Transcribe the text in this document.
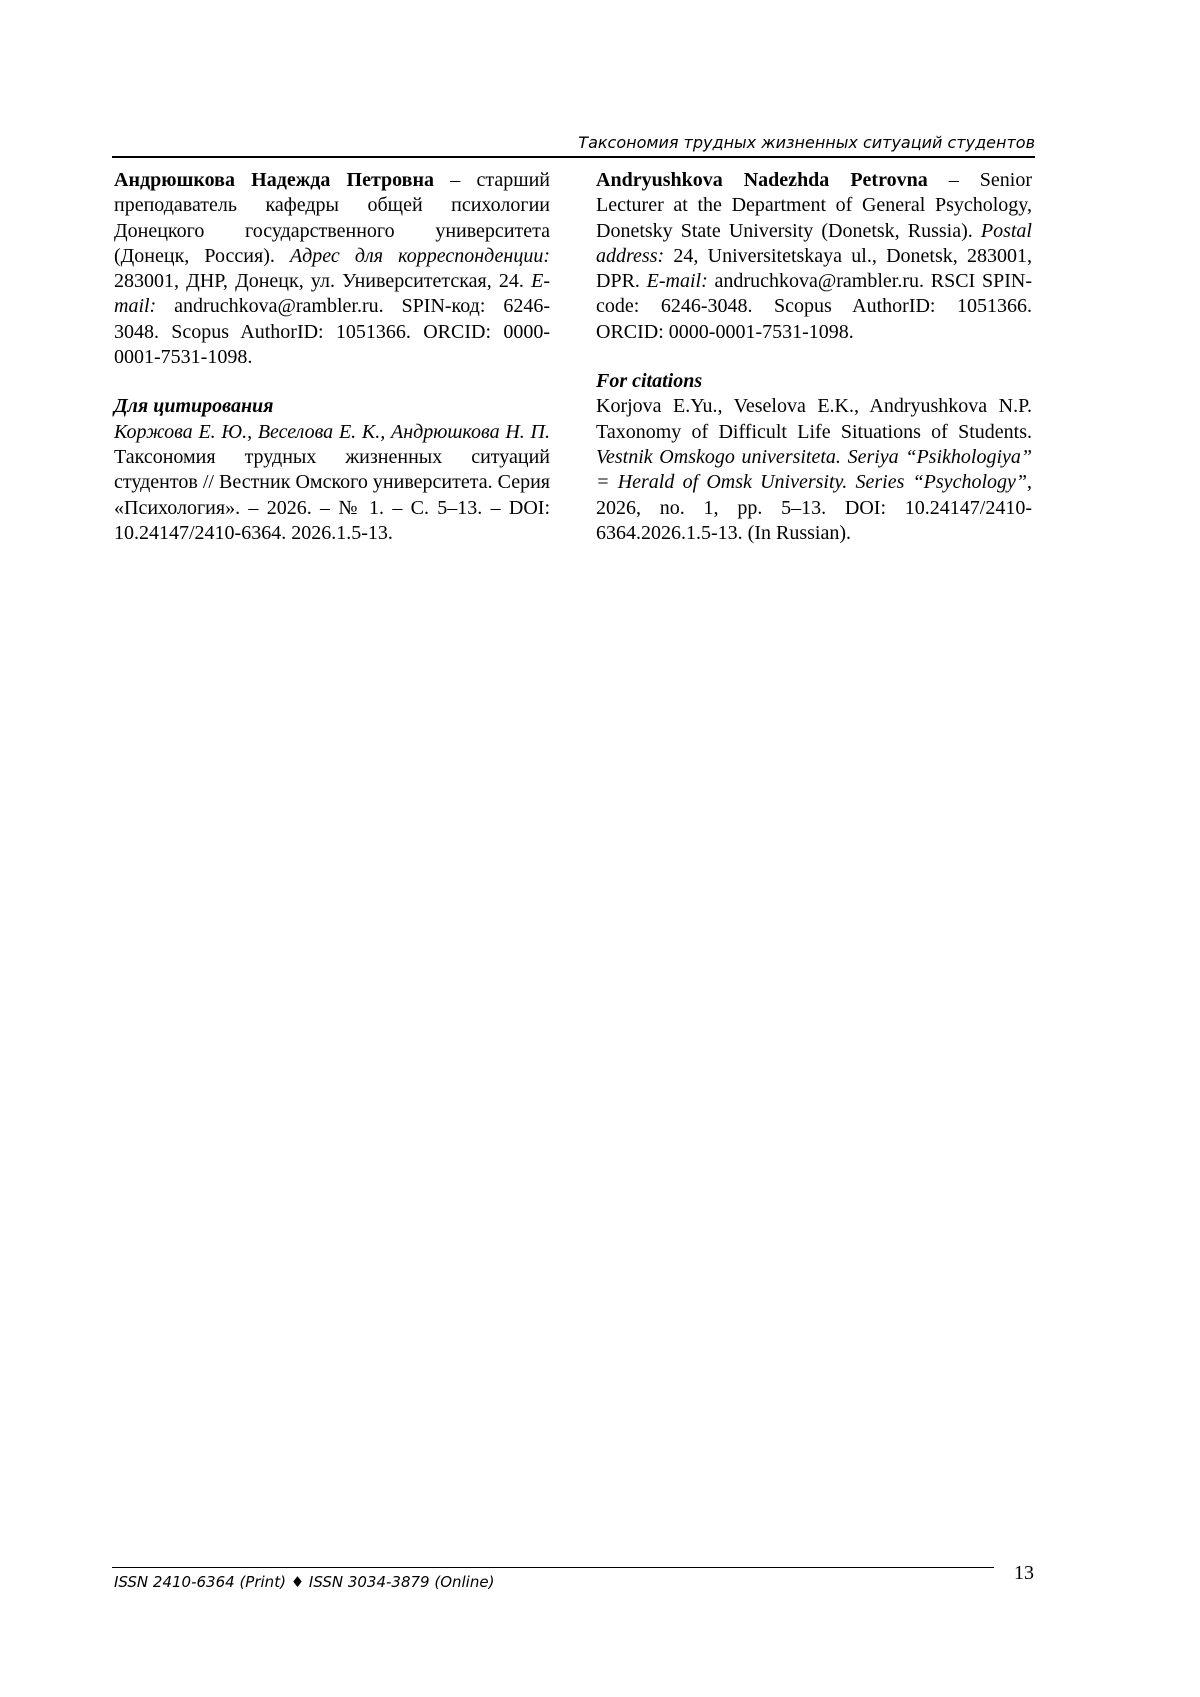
Таксономия трудных жизненных ситуаций студентов

Андрюшкова Надежда Петровна – старший преподаватель кафедры общей психологии Донецкого государственного университета (Донецк, Россия). Адрес для корреспонденции: 283001, ДНР, Донецк, ул. Университетская, 24. E-mail: andruchkova@rambler.ru. SPIN-код: 6246-3048. Scopus AuthorID: 1051366. ORCID: 0000-0001-7531-1098.

Для цитирования

Коржова Е. Ю., Веселова Е. К., Андрюшкова Н. П. Таксономия трудных жизненных ситуаций студентов // Вестник Омского университета. Серия «Психология». – 2026. – № 1. – С. 5–13. – DOI: 10.24147/2410-6364. 2026.1.5-13.

Andryushkova Nadezhda Petrovna – Senior Lecturer at the Department of General Psychology, Donetsky State University (Donetsk, Russia). Postal address: 24, Universitetskaya ul., Donetsk, 283001, DPR. E-mail: andruchkova@rambler.ru. RSCI SPIN-code: 6246-3048. Scopus AuthorID: 1051366. ORCID: 0000-0001-7531-1098.

For citations

Korjova E.Yu., Veselova E.K., Andryushkova N.P. Taxonomy of Difficult Life Situations of Students. Vestnik Omskogo universiteta. Seriya “Psikhologiya” = Herald of Omsk University. Series “Psychology”, 2026, no. 1, pp. 5–13. DOI: 10.24147/2410-6364.2026.1.5-13. (In Russian).

ISSN 2410-6364 (Print) ♦ ISSN 3034-3879 (Online)	13
